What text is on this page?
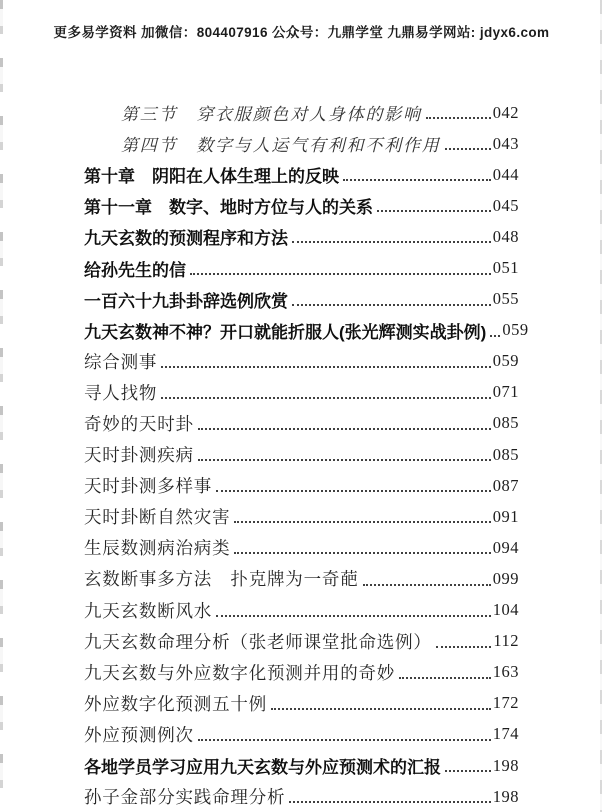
更多易学资料 加微信：804407916 公众号：九鼎学堂 九鼎易学网站: jdyx6.com
第三节　穿衣服颜色对人身体的影响	042
第四节　数字与人运气有利和不利作用	043
第十章　阴阳在人体生理上的反映	044
第十一章　数字、地时方位与人的关系	045
九天玄数的预测程序和方法	048
给孙先生的信	051
一百六十九卦卦辞选例欣赏	055
九天玄数神不神？开口就能折服人(张光辉测实战卦例) 059
综合测事	059
寻人找物	071
奇妙的天时卦	085
天时卦测疾病	085
天时卦测多样事	087
天时卦断自然灾害	091
生辰数测病治病类	094
玄数断事多方法　扑克牌为一奇葩	099
九天玄数断风水	104
九天玄数命理分析（张老师课堂批命选例）	112
九天玄数与外应数字化预测并用的奇妙	163
外应数字化预测五十例	172
外应预测例次	174
各地学员学习应用九天玄数与外应预测术的汇报	198
孙子金部分实践命理分析	198
